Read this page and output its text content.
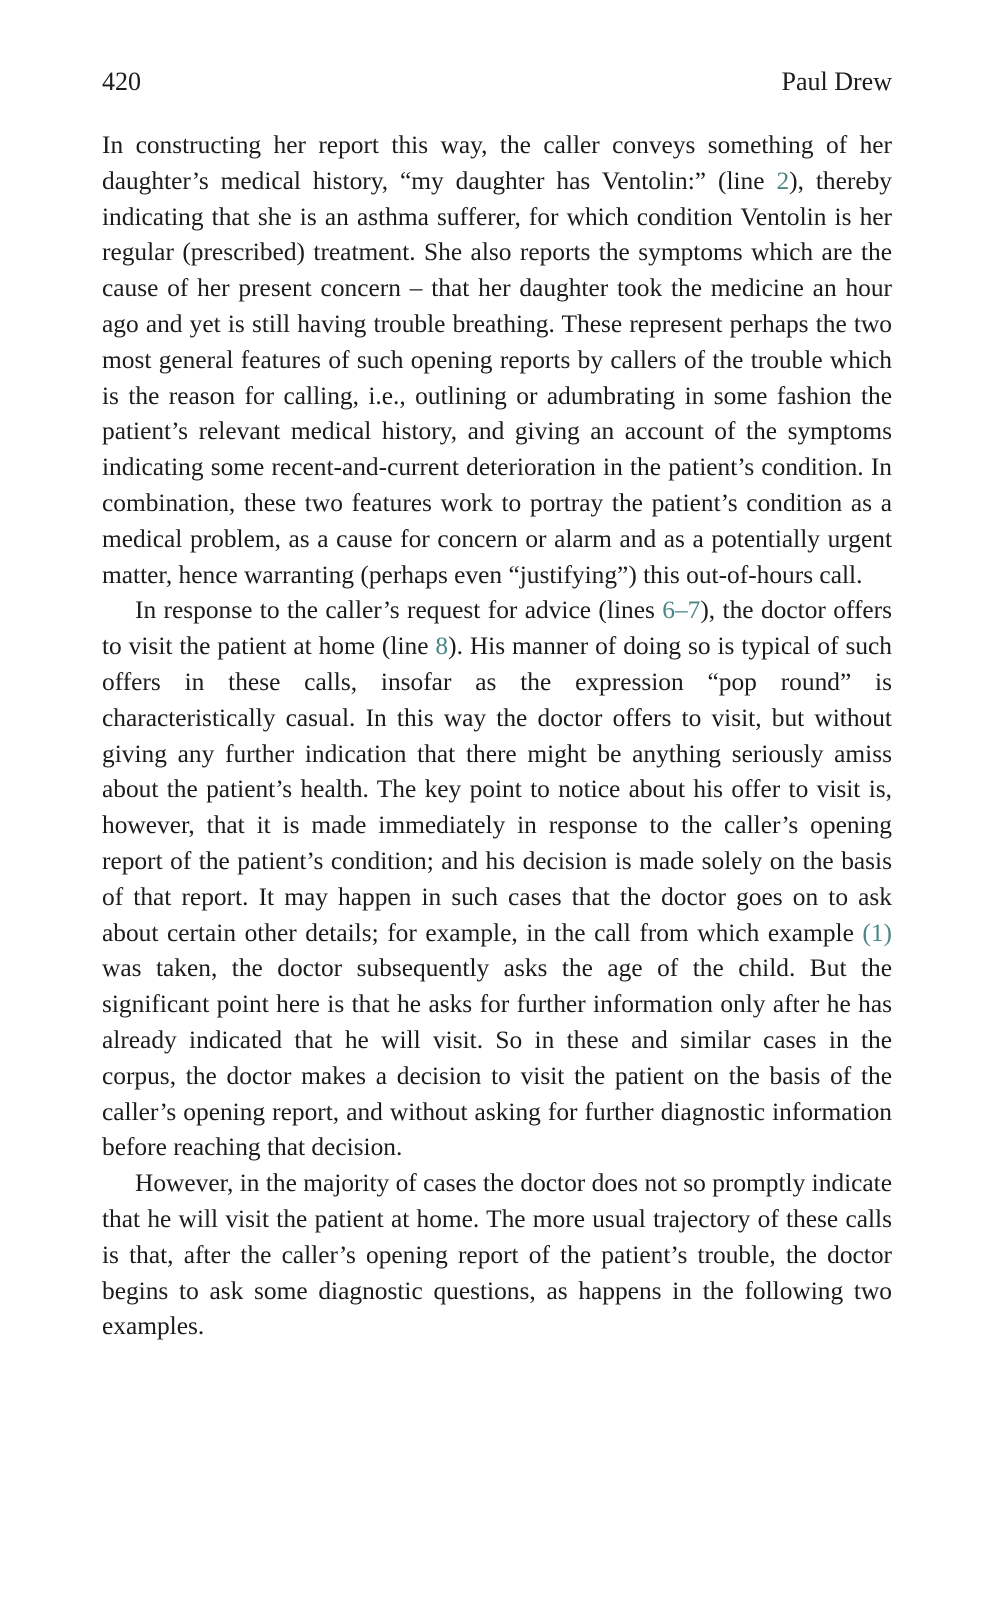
420	Paul Drew

In constructing her report this way, the caller conveys something of her daughter’s medical history, “my daughter has Ventolin:” (line 2), thereby indicating that she is an asthma sufferer, for which condition Ventolin is her regular (prescribed) treatment. She also reports the symptoms which are the cause of her present concern – that her daughter took the medicine an hour ago and yet is still having trouble breathing. These represent perhaps the two most general features of such opening reports by callers of the trouble which is the reason for calling, i.e., outlining or adumbrating in some fashion the patient’s relevant medical history, and giving an account of the symptoms indicating some recent-and-current deterioration in the patient’s condition. In combination, these two features work to portray the patient’s condition as a medical problem, as a cause for concern or alarm and as a potentially urgent matter, hence warranting (perhaps even “justifying”) this out-of-hours call.

In response to the caller’s request for advice (lines 6–7), the doctor offers to visit the patient at home (line 8). His manner of doing so is typical of such offers in these calls, insofar as the expression “pop round” is characteristically casual. In this way the doctor offers to visit, but without giving any further indication that there might be anything seriously amiss about the patient’s health. The key point to notice about his offer to visit is, however, that it is made immediately in response to the caller’s opening report of the patient’s condition; and his decision is made solely on the basis of that report. It may happen in such cases that the doctor goes on to ask about certain other details; for example, in the call from which example (1) was taken, the doctor subsequently asks the age of the child. But the significant point here is that he asks for further information only after he has already indicated that he will visit. So in these and similar cases in the corpus, the doctor makes a decision to visit the patient on the basis of the caller’s opening report, and without asking for further diagnostic information before reaching that decision.

However, in the majority of cases the doctor does not so promptly indicate that he will visit the patient at home. The more usual trajectory of these calls is that, after the caller’s opening report of the patient’s trouble, the doctor begins to ask some diagnostic questions, as happens in the following two examples.
